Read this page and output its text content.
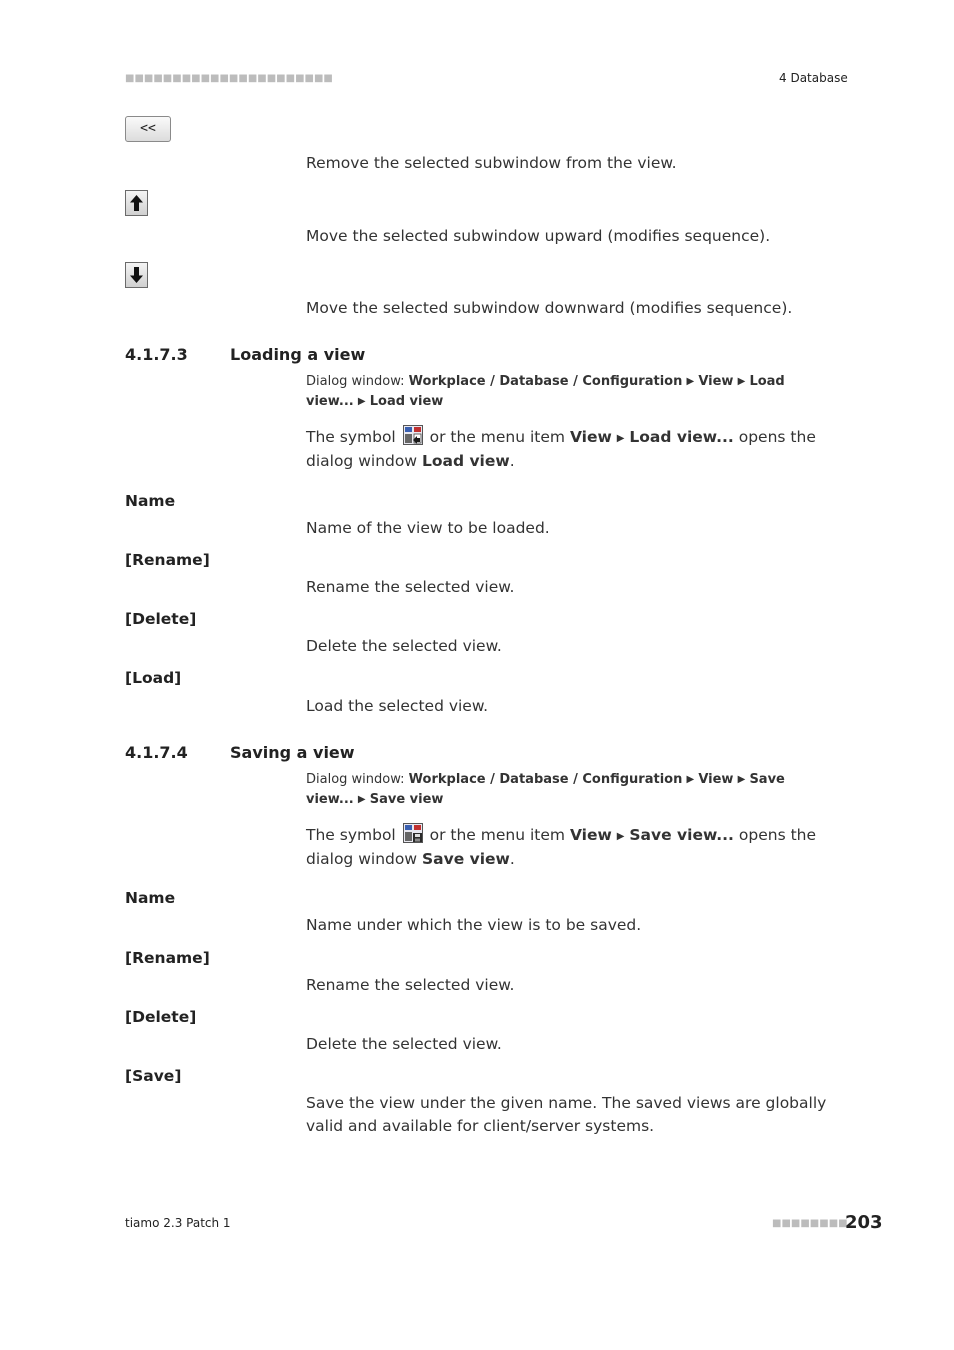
■■■■■■■■■■■■■■■■■■■■■■	4 Database
<<
Remove the selected subwindow from the view.
Move the selected subwindow upward (modifies sequence).
Move the selected subwindow downward (modifies sequence).
4.1.7.3	Loading a view
Dialog window: Workplace / Database / Configuration ▶ View ▶ Load
view... ▶ Load view
The symbol or the menu item View ▶ Load view... opens the dialog window Load view.
Name
Name of the view to be loaded.
[Rename]
Rename the selected view.
[Delete]
Delete the selected view.
[Load]
Load the selected view.
4.1.7.4	Saving a view
Dialog window: Workplace / Database / Configuration ▶ View ▶ Save
view... ▶ Save view
The symbol or the menu item View ▶ Save view... opens the dialog window Save view.
Name
Name under which the view is to be saved.
[Rename]
Rename the selected view.
[Delete]
Delete the selected view.
[Save]
Save the view under the given name. The saved views are globally valid and available for client/server systems.
tiamo 2.3 Patch 1	■■■■■■■■
203
